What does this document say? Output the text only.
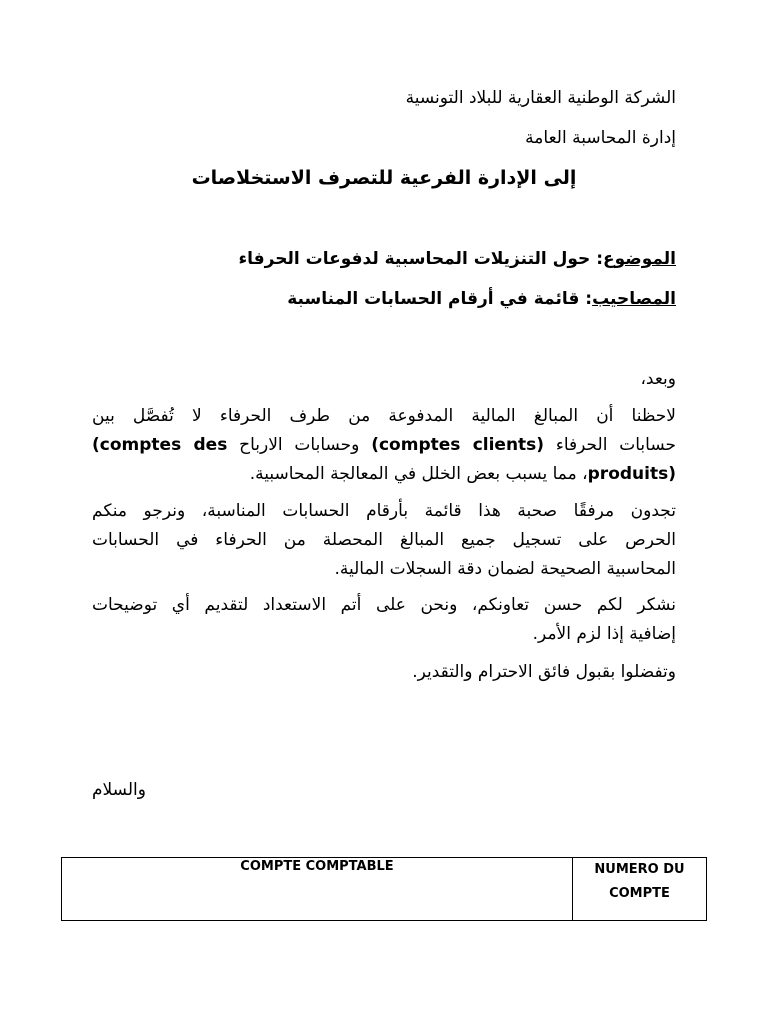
الشركة الوطنية العقارية للبلاد التونسية
إدارة المحاسبة العامة
إلى الإدارة الفرعية للتصرف الاستخلاصات
الموضوع: حول التنزيلات المحاسبية لدفوعات الحرفاء
المصاحيب: قائمة في أرقام الحسابات المناسبة
وبعد،
لاحظنا أن المبالغ المالية المدفوعة من طرف الحرفاء لا تُفصَّل بين
حسابات الحرفاء (comptes clients) وحسابات الارباح (comptes des
produits)، مما يسبب بعض الخلل في المعالجة المحاسبية.
تجدون مرفقًا صحبة هذا قائمة بأرقام الحسابات المناسبة، ونرجو منكم
الحرص على تسجيل جميع المبالغ المحصلة من الحرفاء في الحسابات
المحاسبية الصحيحة لضمان دقة السجلات المالية.
نشكر لكم حسن تعاونكم، ونحن على أتم الاستعداد لتقديم أي توضيحات
إضافية إذا لزم الأمر.
وتفضلوا بقبول فائق الاحترام والتقدير.
والسلام
COMPTE COMPTABLE	NUMERO DU
COMPTE
